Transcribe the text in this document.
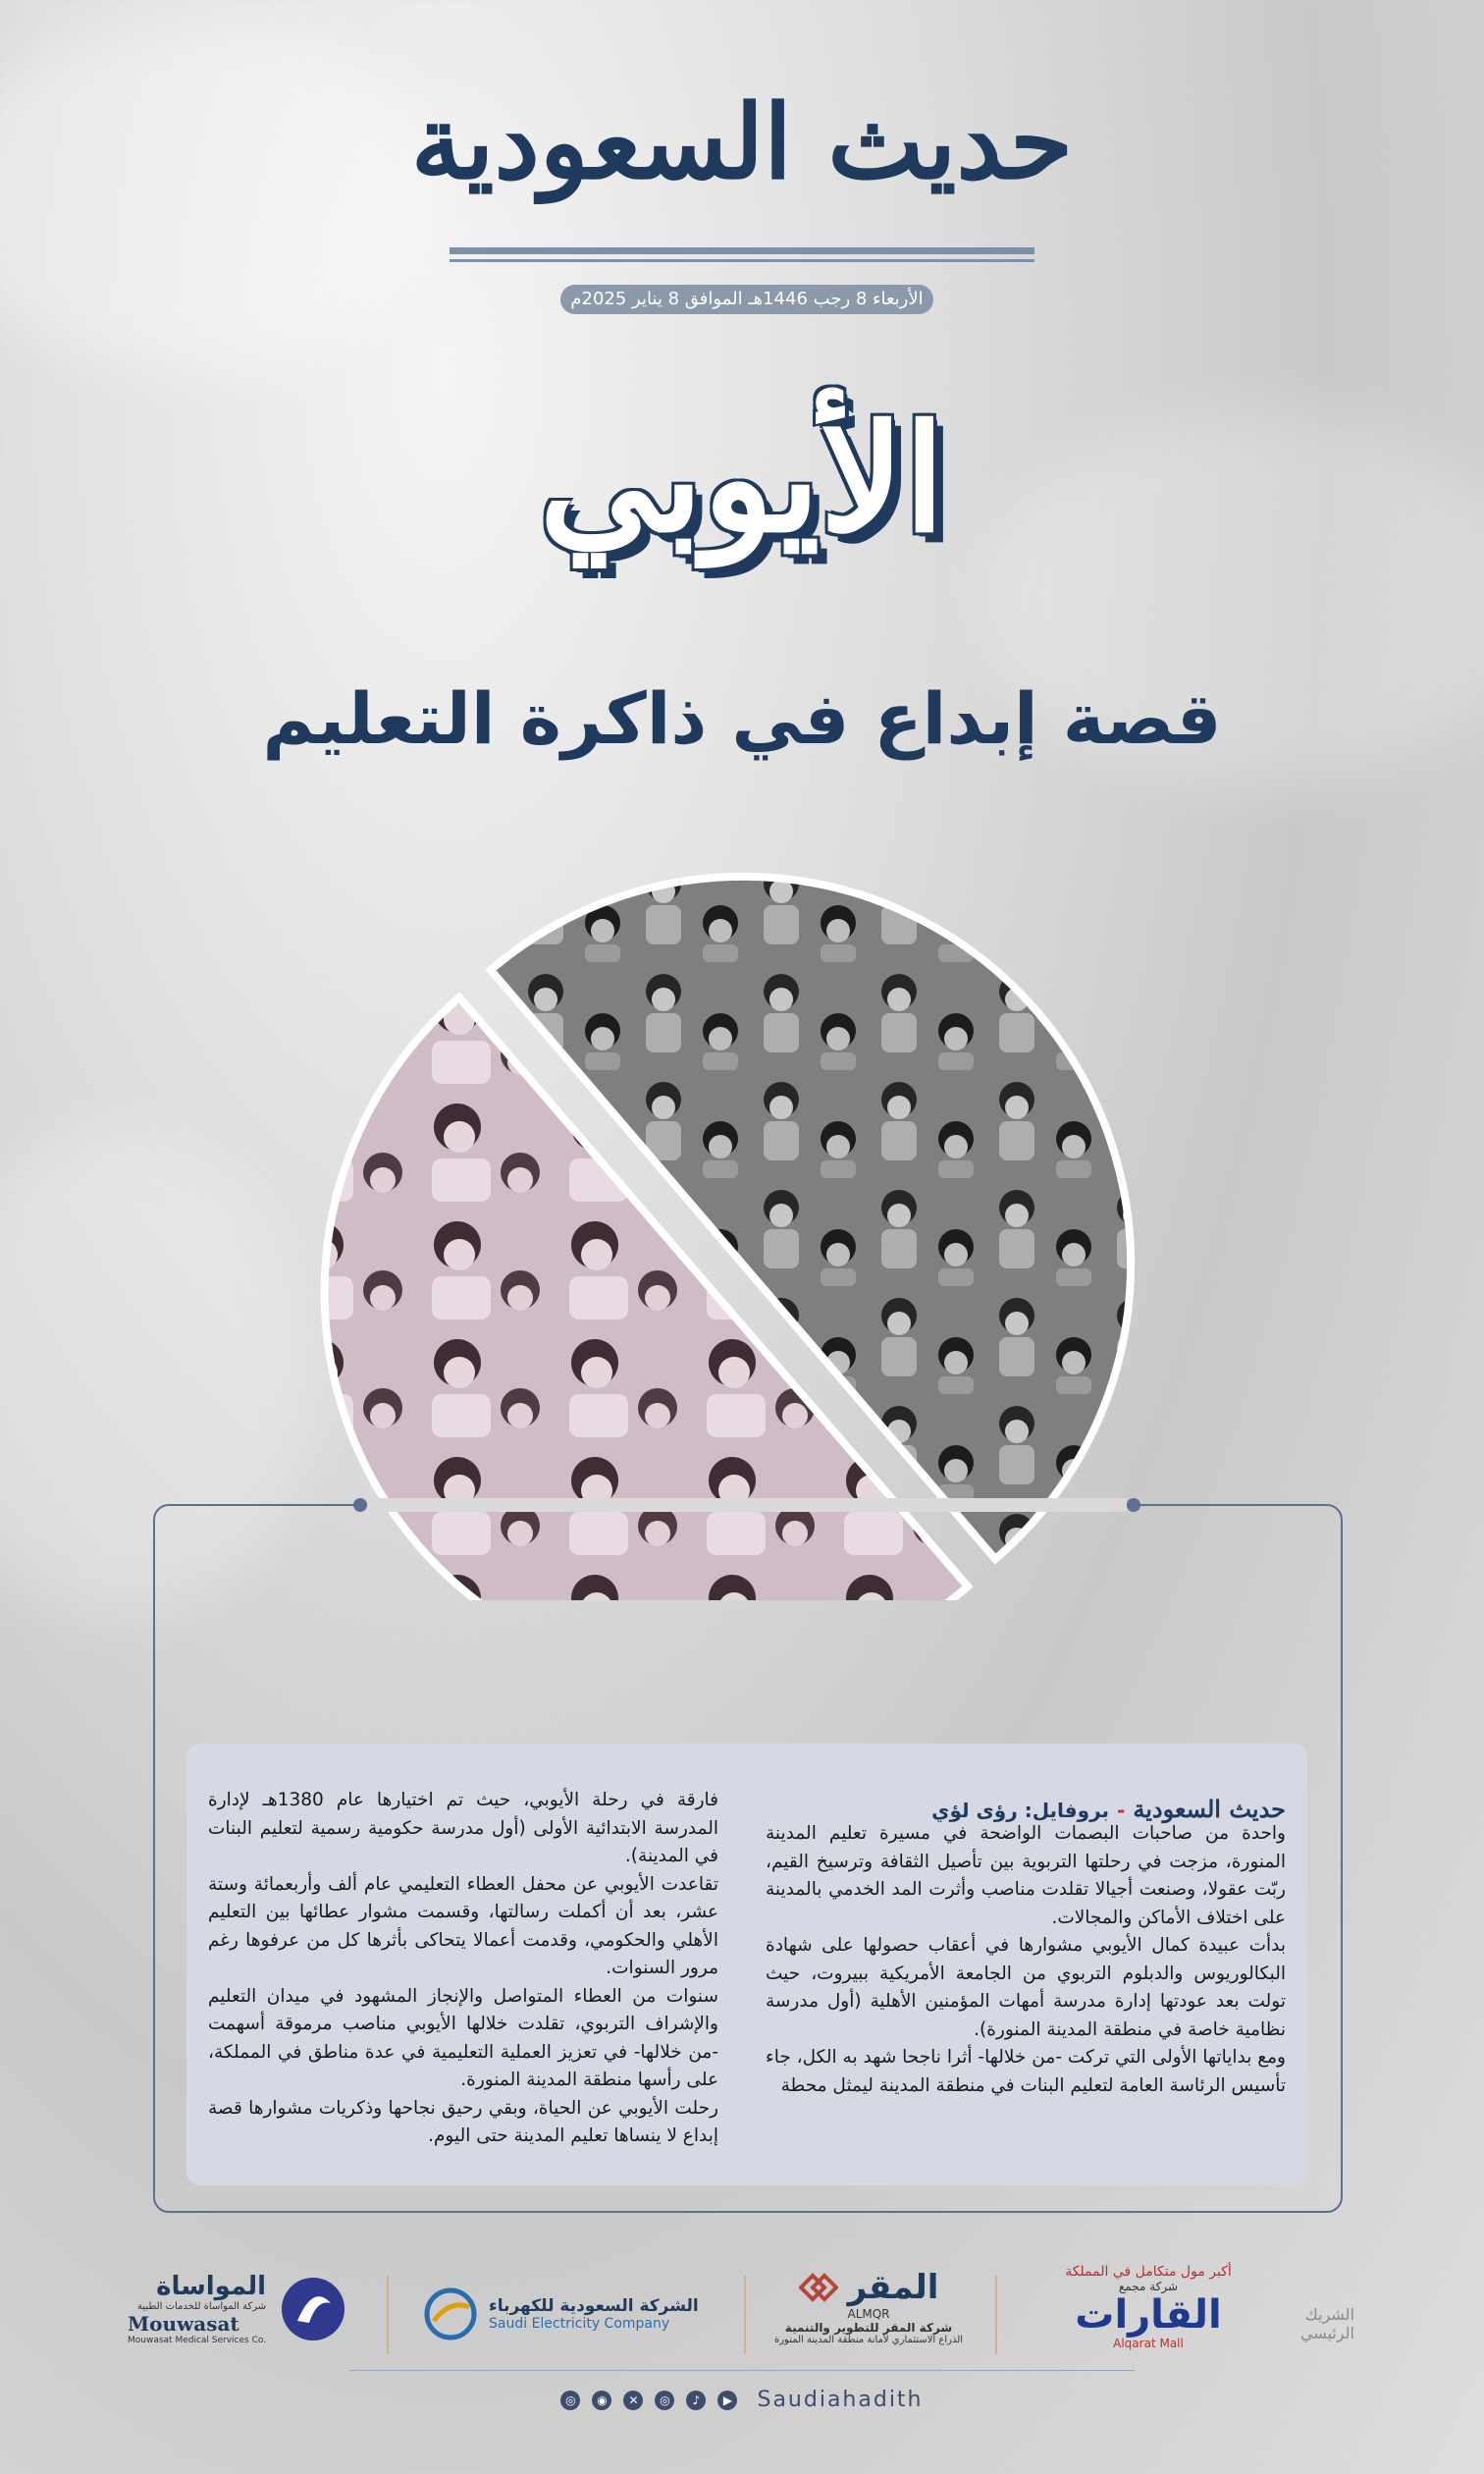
حديث السعودية
الأربعاء 8 رجب 1446هـ الموافق 8 يناير 2025م
الأيوبي
قصة إبداع في ذاكرة التعليم

واحدة من صاحبات البصمات الواضحة في مسيرة تعليم المدينة المنورة، مزجت في رحلتها التربوية بين تأصيل الثقافة وترسيخ القيم، ربّت عقولا، وصنعت أجيالا تقلدت مناصب وأثرت المد الخدمي بالمدينة على اختلاف الأماكن والمجالات.

بدأت عبيدة كمال الأيوبي مشوارها في أعقاب حصولها على شهادة البكالوريوس والدبلوم التربوي من الجامعة الأمريكية ببيروت، حيث تولت بعد عودتها إدارة مدرسة أمهات المؤمنين الأهلية (أول مدرسة نظامية خاصة في منطقة المدينة المنورة).

ومع بداياتها الأولى التي تركت -من خلالها- أثرا ناجحا شهد به الكل، جاء تأسيس الرئاسة العامة لتعليم البنات في منطقة المدينة ليمثل محطة

حديث السعودية-بروفايل: رؤى لؤي

فارقة في رحلة الأيوبي، حيث تم اختيارها عام 1380هـ لإدارة المدرسة الابتدائية الأولى (أول مدرسة حكومية رسمية لتعليم البنات في المدينة).

تقاعدت الأيوبي عن محفل العطاء التعليمي عام ألف وأربعمائة وستة عشر، بعد أن أكملت رسالتها، وقسمت مشوار عطائها بين التعليم الأهلي والحكومي، وقدمت أعمالا يتحاكى بأثرها كل من عرفوها رغم مرور السنوات.

سنوات من العطاء المتواصل والإنجاز المشهود في ميدان التعليم والإشراف التربوي، تقلدت خلالها الأيوبي مناصب مرموقة أسهمت -من خلالها- في تعزيز العملية التعليمية في عدة مناطق في المملكة، على رأسها منطقة المدينة المنورة.

رحلت الأيوبي عن الحياة، وبقي رحيق نجاحها وذكريات مشوارها قصة إبداع لا ينساها تعليم المدينة حتى اليوم.

الشريك الرئيسي
أكبر مول متكامل في المملكة
شركة مجمع
القارات
Alqarat Mall
المقر
ALMQR
شركة المقر للتطوير والتنمية
الذراع الاستثماري لأمانة منطقة المدينة المنورة
الشركة السعودية للكهرباء
Saudi Electricity Company
المواساة
شركة المواساة للخدمات الطبية
Mouwasat
Mouwasat Medical Services Co.
◎ ◉ ✕ ◎ ♪ ▶ Saudiahadith
